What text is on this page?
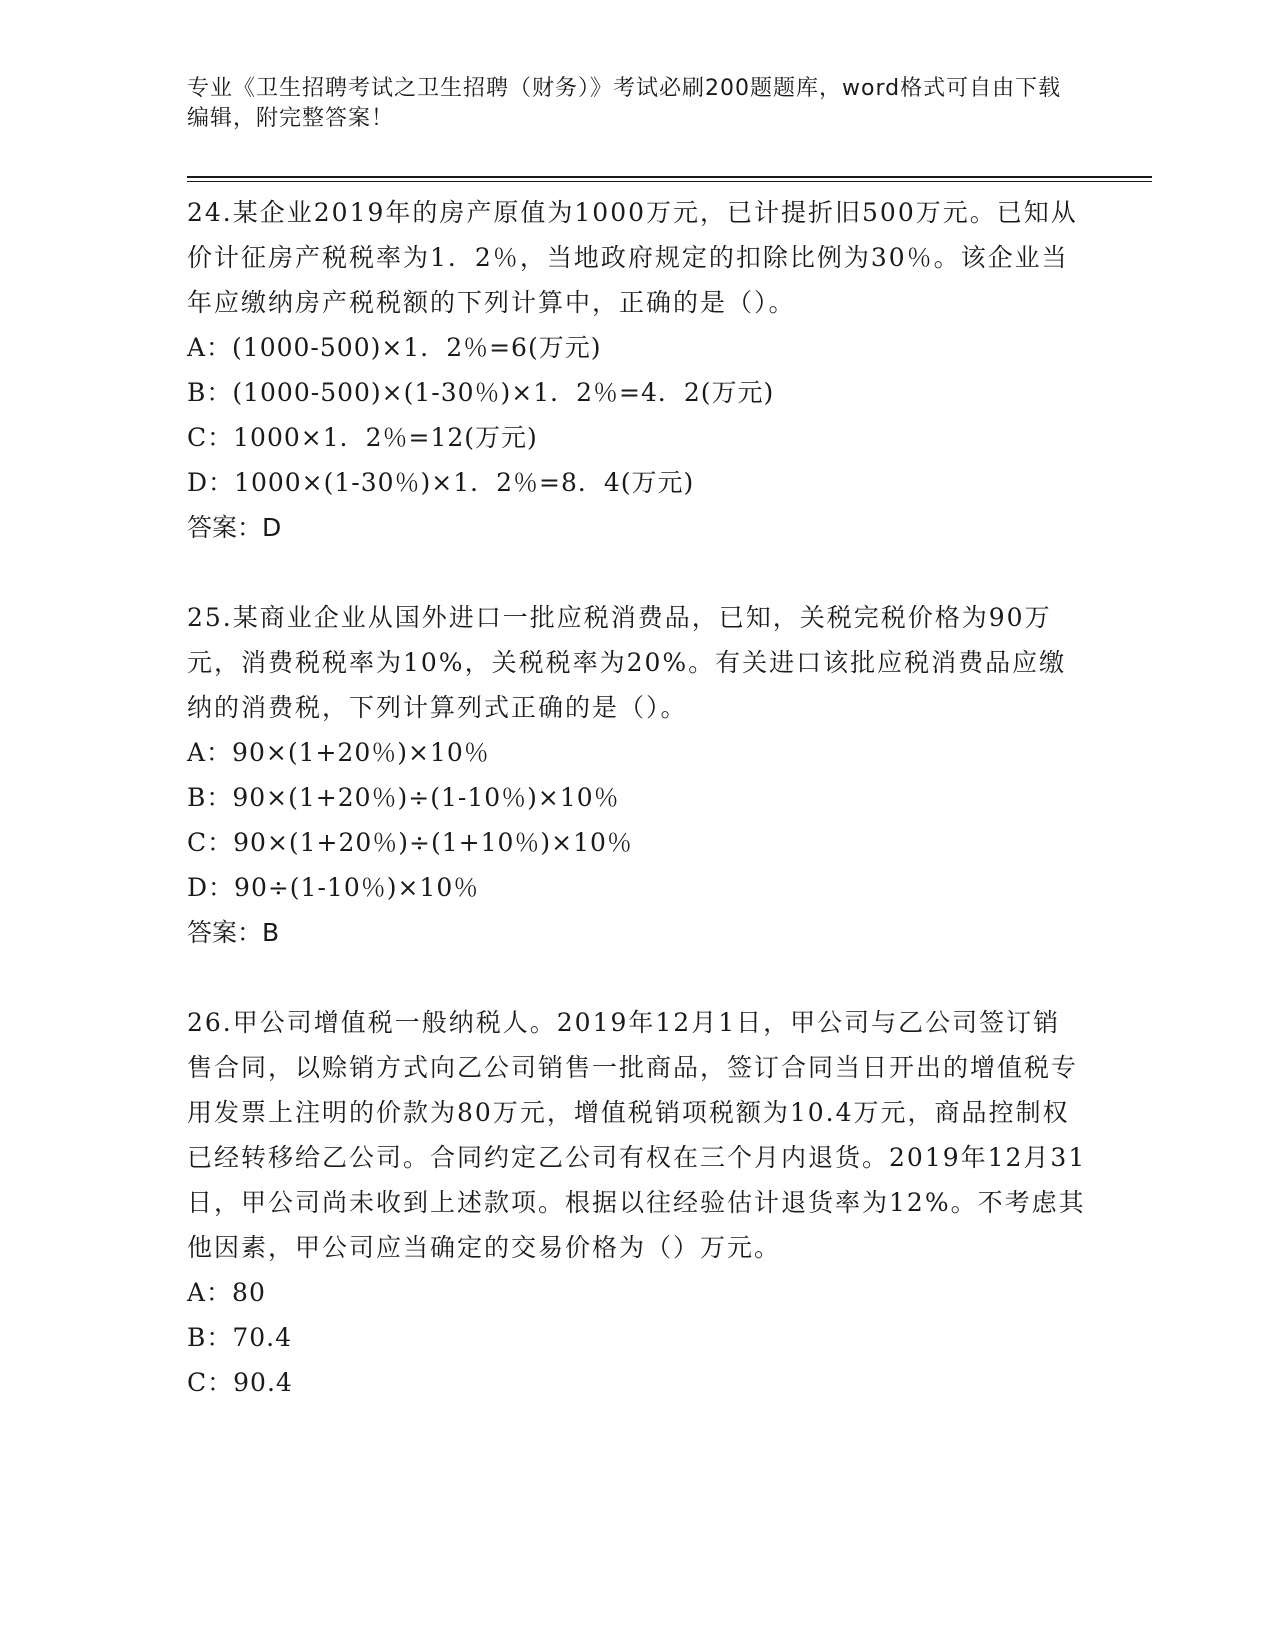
专业《卫生招聘考试之卫生招聘（财务）》考试必刷200题题库，word格式可自由下载编辑，附完整答案！

24.某企业2019年的房产原值为1000万元，已计提折旧500万元。已知从价计征房产税税率为1．2％，当地政府规定的扣除比例为30％。该企业当年应缴纳房产税税额的下列计算中，正确的是（）。

A：(1000-500)×1．2％=6(万元)

B：(1000-500)×(1-30％)×1．2％=4．2(万元)

C：1000×1．2％=12(万元)

D：1000×(1-30％)×1．2％=8．4(万元)

答案：D

25.某商业企业从国外进口一批应税消费品，已知，关税完税价格为90万元，消费税税率为10%，关税税率为20%。有关进口该批应税消费品应缴纳的消费税，下列计算列式正确的是（）。

A：90×(1+20％)×10％

B：90×(1+20％)÷(1-10％)×10％

C：90×(1+20％)÷(1+10％)×10％

D：90÷(1-10％)×10％

答案：B

26.甲公司增值税一般纳税人。2019年12月1日，甲公司与乙公司签订销售合同，以赊销方式向乙公司销售一批商品，签订合同当日开出的增值税专用发票上注明的价款为80万元，增值税销项税额为10.4万元，商品控制权已经转移给乙公司。合同约定乙公司有权在三个月内退货。2019年12月31日，甲公司尚未收到上述款项。根据以往经验估计退货率为12%。不考虑其他因素，甲公司应当确定的交易价格为（）万元。

A：80

B：70.4

C：90.4
